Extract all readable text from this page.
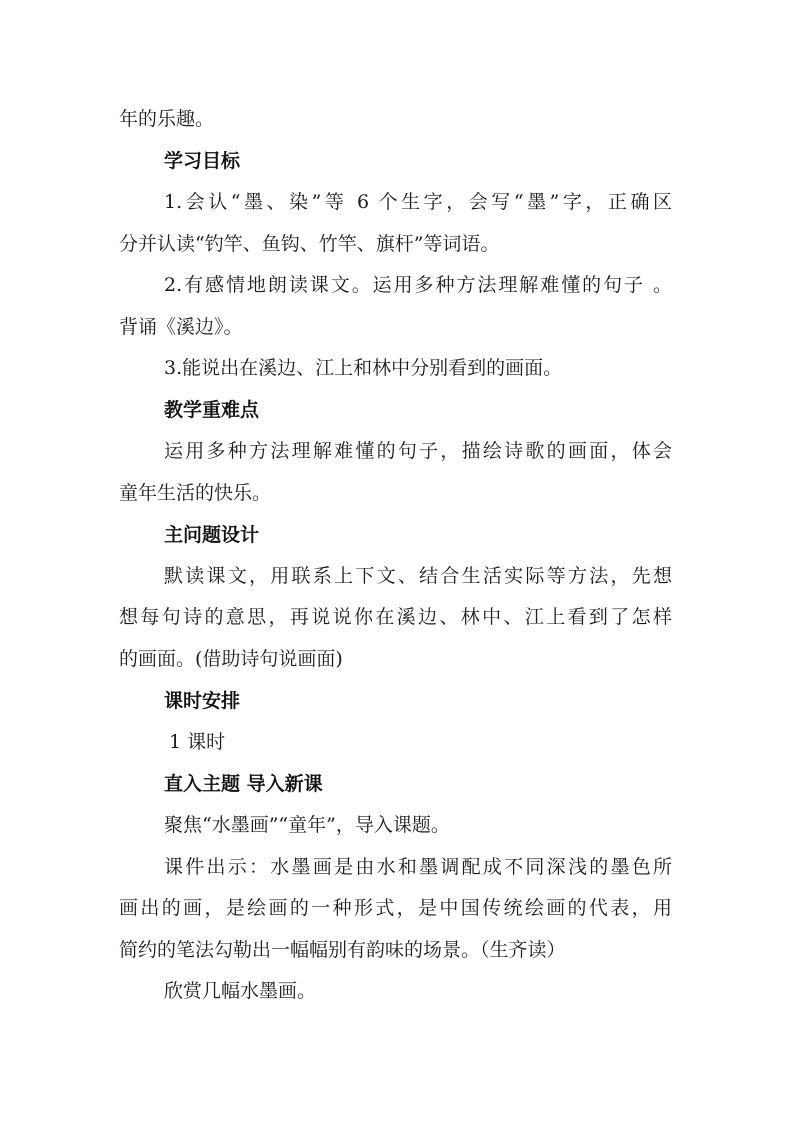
年的乐趣。
学习目标
1.会认“墨、染”等 6 个生字，会写“墨”字，正确区
分并认读“钓竿、鱼钩、竹竿、旗杆”等词语。
2.有感情地朗读课文。运用多种方法理解难懂的句子 。
背诵《溪边》。
3.能说出在溪边、江上和林中分别看到的画面。
教学重难点
运用多种方法理解难懂的句子，描绘诗歌的画面，体会
童年生活的快乐。
主问题设计
默读课文，用联系上下文、结合生活实际等方法，先想
想每句诗的意思，再说说你在溪边、林中、江上看到了怎样
的画面。(借助诗句说画面)
课时安排
1 课时
直入主题 导入新课
聚焦“水墨画”“童年”，导入课题。
课件出示：水墨画是由水和墨调配成不同深浅的墨色所
画出的画，是绘画的一种形式，是中国传统绘画的代表，用
简约的笔法勾勒出一幅幅别有韵味的场景。（生齐读）
欣赏几幅水墨画。
